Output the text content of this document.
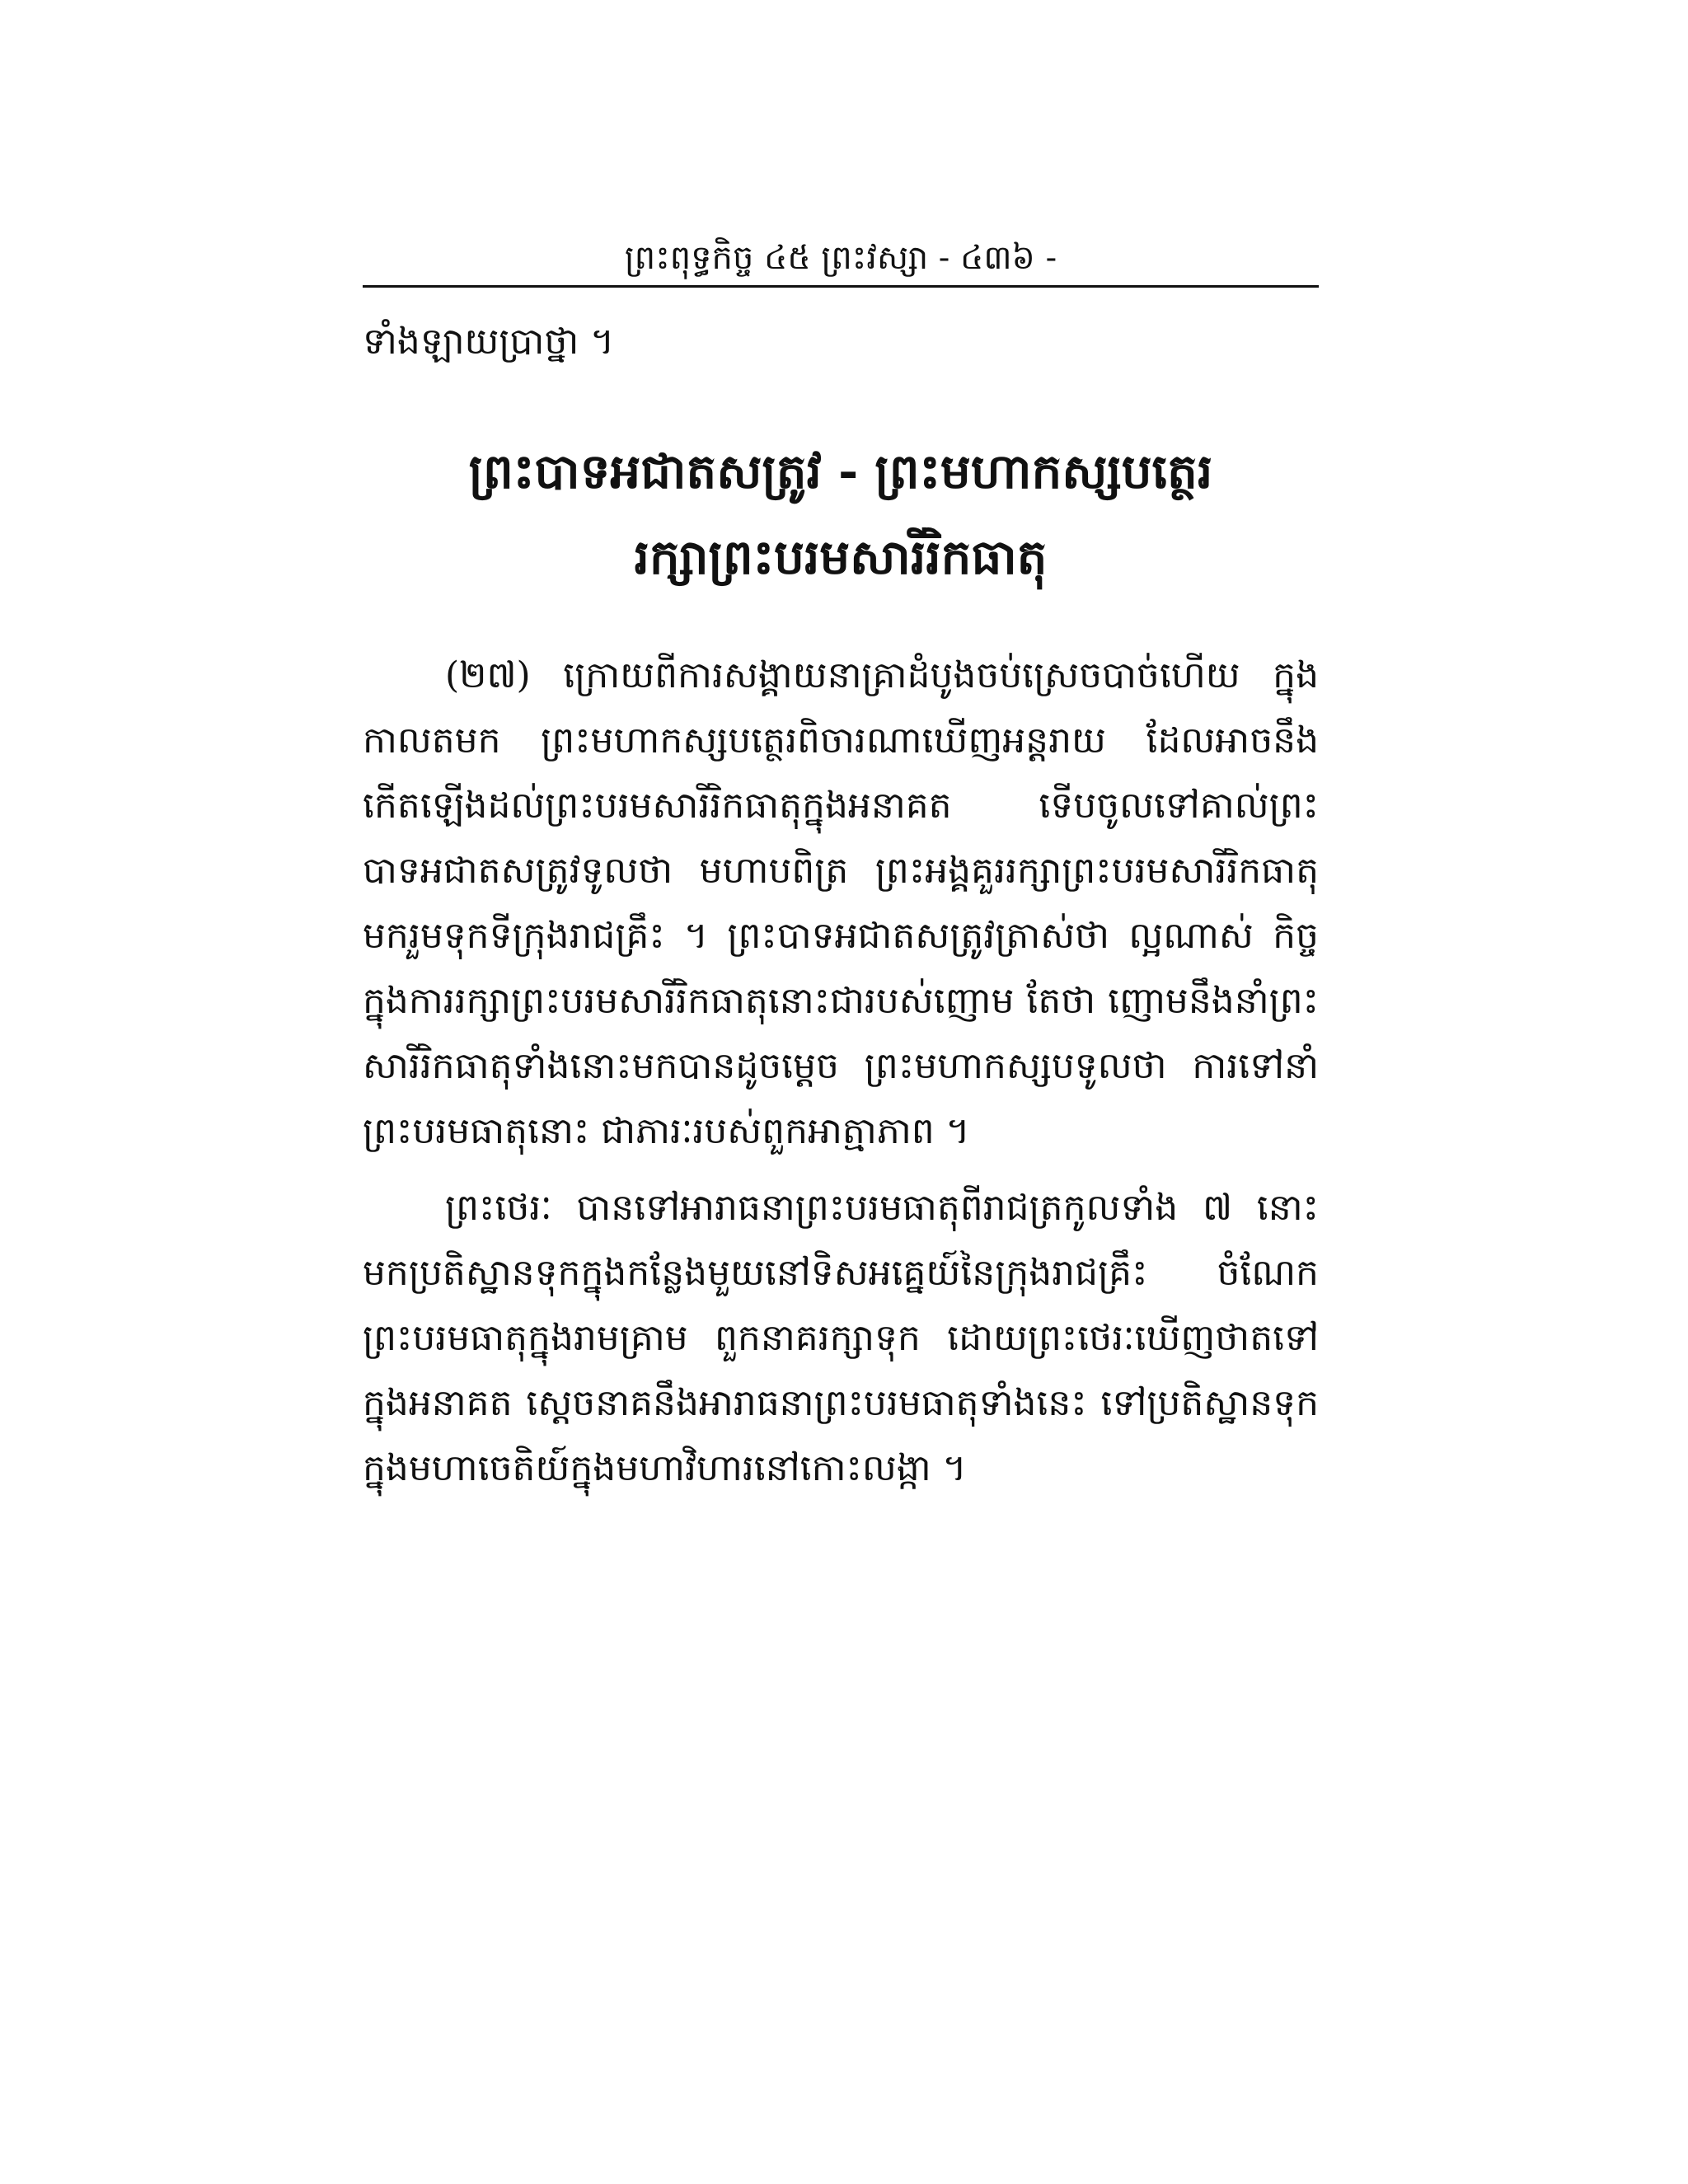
ព្រះពុទ្ធកិច្ច ៤៥ ព្រះវស្សា - ៤៣៦ -
ទាំងឡាយប្រាថ្នា ។
ព្រះបាទអជាតសត្រូវ - ព្រះមហាកស្សបត្ថេរ
រក្សាព្រះបរមសារីរិកធាតុ

(២៧) ក្រោយពីការសង្គាយនាគ្រាដំបូងចប់ស្រេចបាច់ហើយ ក្នុងកាលតមក ព្រះមហាកស្សបត្ថេរពិចារណាឃើញអន្តរាយ ដែលអាចនឹងកើតឡើងដល់ព្រះបរមសារីរិកធាតុក្នុងអនាគត ទើបចូលទៅគាល់ព្រះបាទអជាតសត្រូវទូលថា មហាបពិត្រ ព្រះអង្គគួររក្សាព្រះបរមសារីរិកធាតុ មករួមទុកទីក្រុងរាជគ្រឹះ ។ ព្រះបាទអជាតសត្រូវត្រាស់ថា ល្អណាស់ កិច្ចក្នុងការរក្សាព្រះបរមសារីរិកធាតុនោះជារបស់ញោម តែថា ញោមនឹងនាំព្រះសារីរិកធាតុទាំងនោះមកបានដូចម្ដេច ព្រះមហាកស្សបទូលថា ការទៅនាំព្រះបរមធាតុនោះ ជាភារៈរបស់ពួកអាត្មាភាព ។

ព្រះថេរៈ បានទៅអារាធនាព្រះបរមធាតុពីរាជត្រកូលទាំង ៧ នោះ មកប្រតិស្ឋានទុកក្នុងកន្លែងមួយនៅទិសអគ្នេយ៍នៃក្រុងរាជគ្រឹះ ចំណែកព្រះបរមធាតុក្នុងរាមគ្រាម ពួកនាគរក្សាទុក ដោយព្រះថេរៈឃើញថាតទៅក្នុងអនាគត ស្ដេចនាគនឹងអារាធនាព្រះបរមធាតុទាំងនេះ ទៅប្រតិស្ឋានទុកក្នុងមហាចេតិយ៍ក្នុងមហាវិហារនៅកោះលង្កា ។
